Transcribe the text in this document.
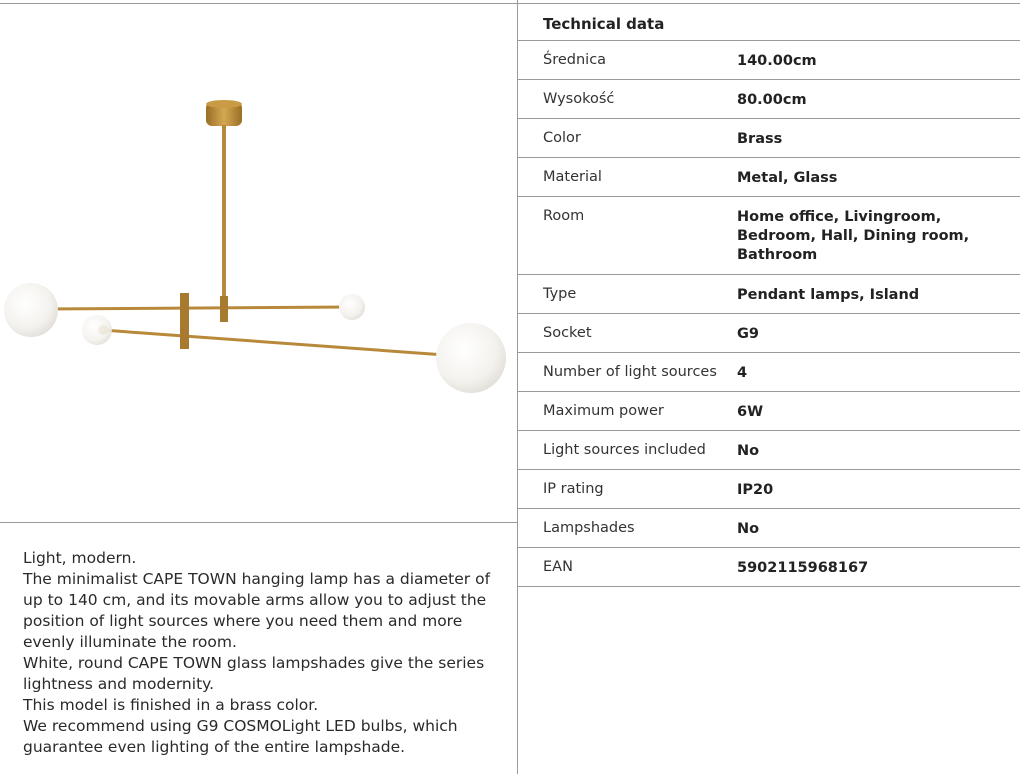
Light, modern.

The minimalist CAPE TOWN hanging lamp has a diameter of up to 140 cm, and its movable arms allow you to adjust the position of light sources where you need them and more evenly illuminate the room.

White, round CAPE TOWN glass lampshades give the series lightness and modernity.

This model is finished in a brass color.

We recommend using G9 COSMOLight LED bulbs, which guarantee even lighting of the entire lampshade.

Technical data
Średnica	140.00cm
Wysokość	80.00cm
Color	Brass
Material	Metal, Glass
Room	Home office, Livingroom, Bedroom, Hall, Dining room, Bathroom
Type	Pendant lamps, Island
Socket	G9
Number of light sources	4
Maximum power	6W
Light sources included	No
IP rating	IP20
Lampshades	No
EAN	5902115968167
